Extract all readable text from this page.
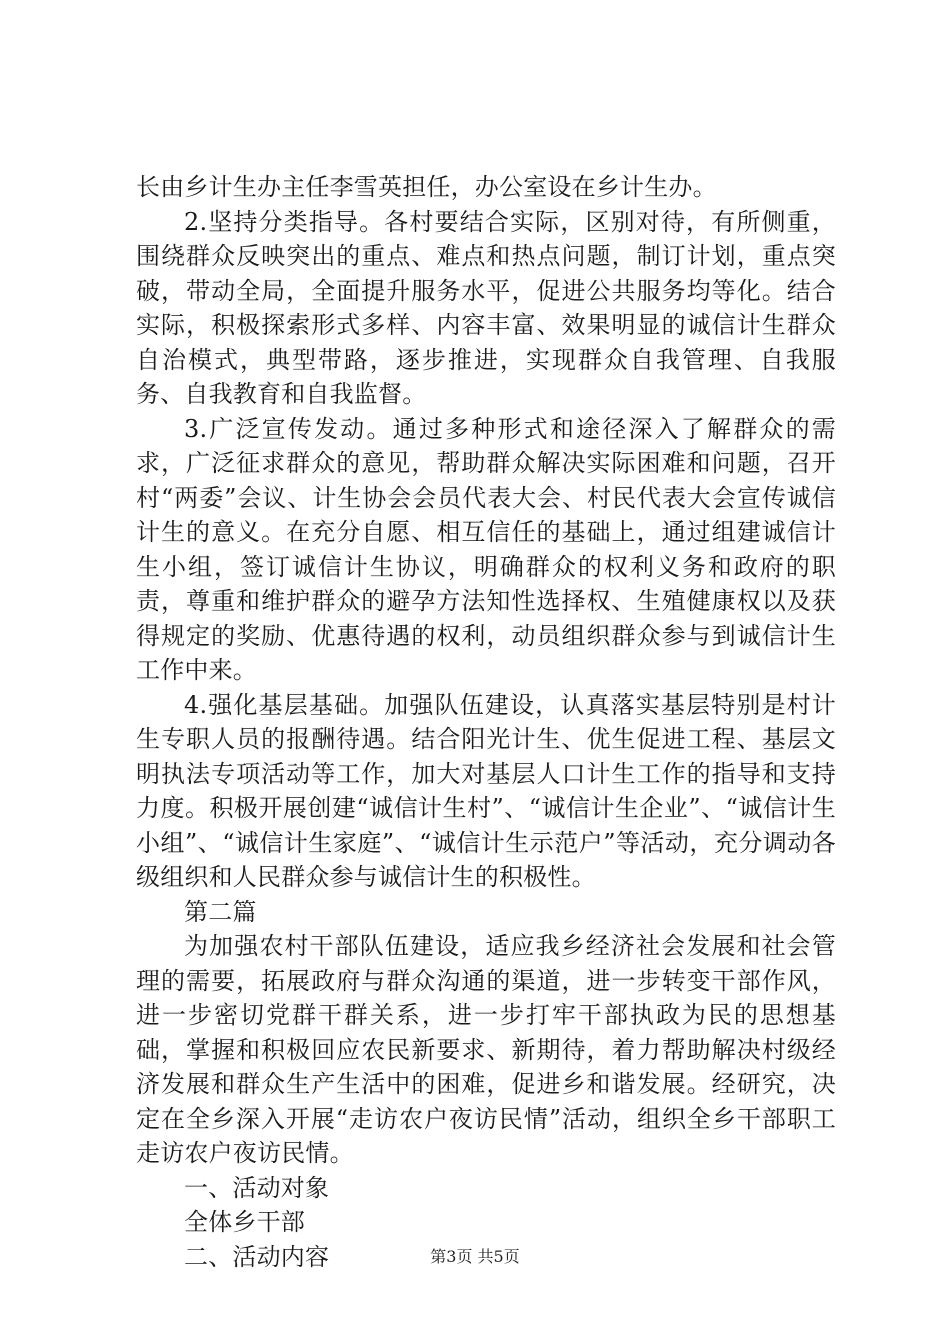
长由乡计生办主任李雪英担任，办公室设在乡计生办。

2.坚持分类指导。各村要结合实际，区别对待，有所侧重，围绕群众反映突出的重点、难点和热点问题，制订计划，重点突破，带动全局，全面提升服务水平，促进公共服务均等化。结合实际，积极探索形式多样、内容丰富、效果明显的诚信计生群众自治模式，典型带路，逐步推进，实现群众自我管理、自我服务、自我教育和自我监督。

3.广泛宣传发动。通过多种形式和途径深入了解群众的需求，广泛征求群众的意见，帮助群众解决实际困难和问题，召开村“两委”会议、计生协会会员代表大会、村民代表大会宣传诚信计生的意义。在充分自愿、相互信任的基础上，通过组建诚信计生小组，签订诚信计生协议，明确群众的权利义务和政府的职责，尊重和维护群众的避孕方法知性选择权、生殖健康权以及获得规定的奖励、优惠待遇的权利，动员组织群众参与到诚信计生工作中来。

4.强化基层基础。加强队伍建设，认真落实基层特别是村计生专职人员的报酬待遇。结合阳光计生、优生促进工程、基层文明执法专项活动等工作，加大对基层人口计生工作的指导和支持力度。积极开展创建“诚信计生村”、“诚信计生企业”、“诚信计生小组”、“诚信计生家庭”、“诚信计生示范户”等活动，充分调动各级组织和人民群众参与诚信计生的积极性。

第二篇

为加强农村干部队伍建设，适应我乡经济社会发展和社会管理的需要，拓展政府与群众沟通的渠道，进一步转变干部作风，进一步密切党群干群关系，进一步打牢干部执政为民的思想基础，掌握和积极回应农民新要求、新期待，着力帮助解决村级经济发展和群众生产生活中的困难，促进乡和谐发展。经研究，决定在全乡深入开展“走访农户夜访民情”活动，组织全乡干部职工走访农户夜访民情。

一、活动对象

全体乡干部

二、活动内容	第3页 共5页
